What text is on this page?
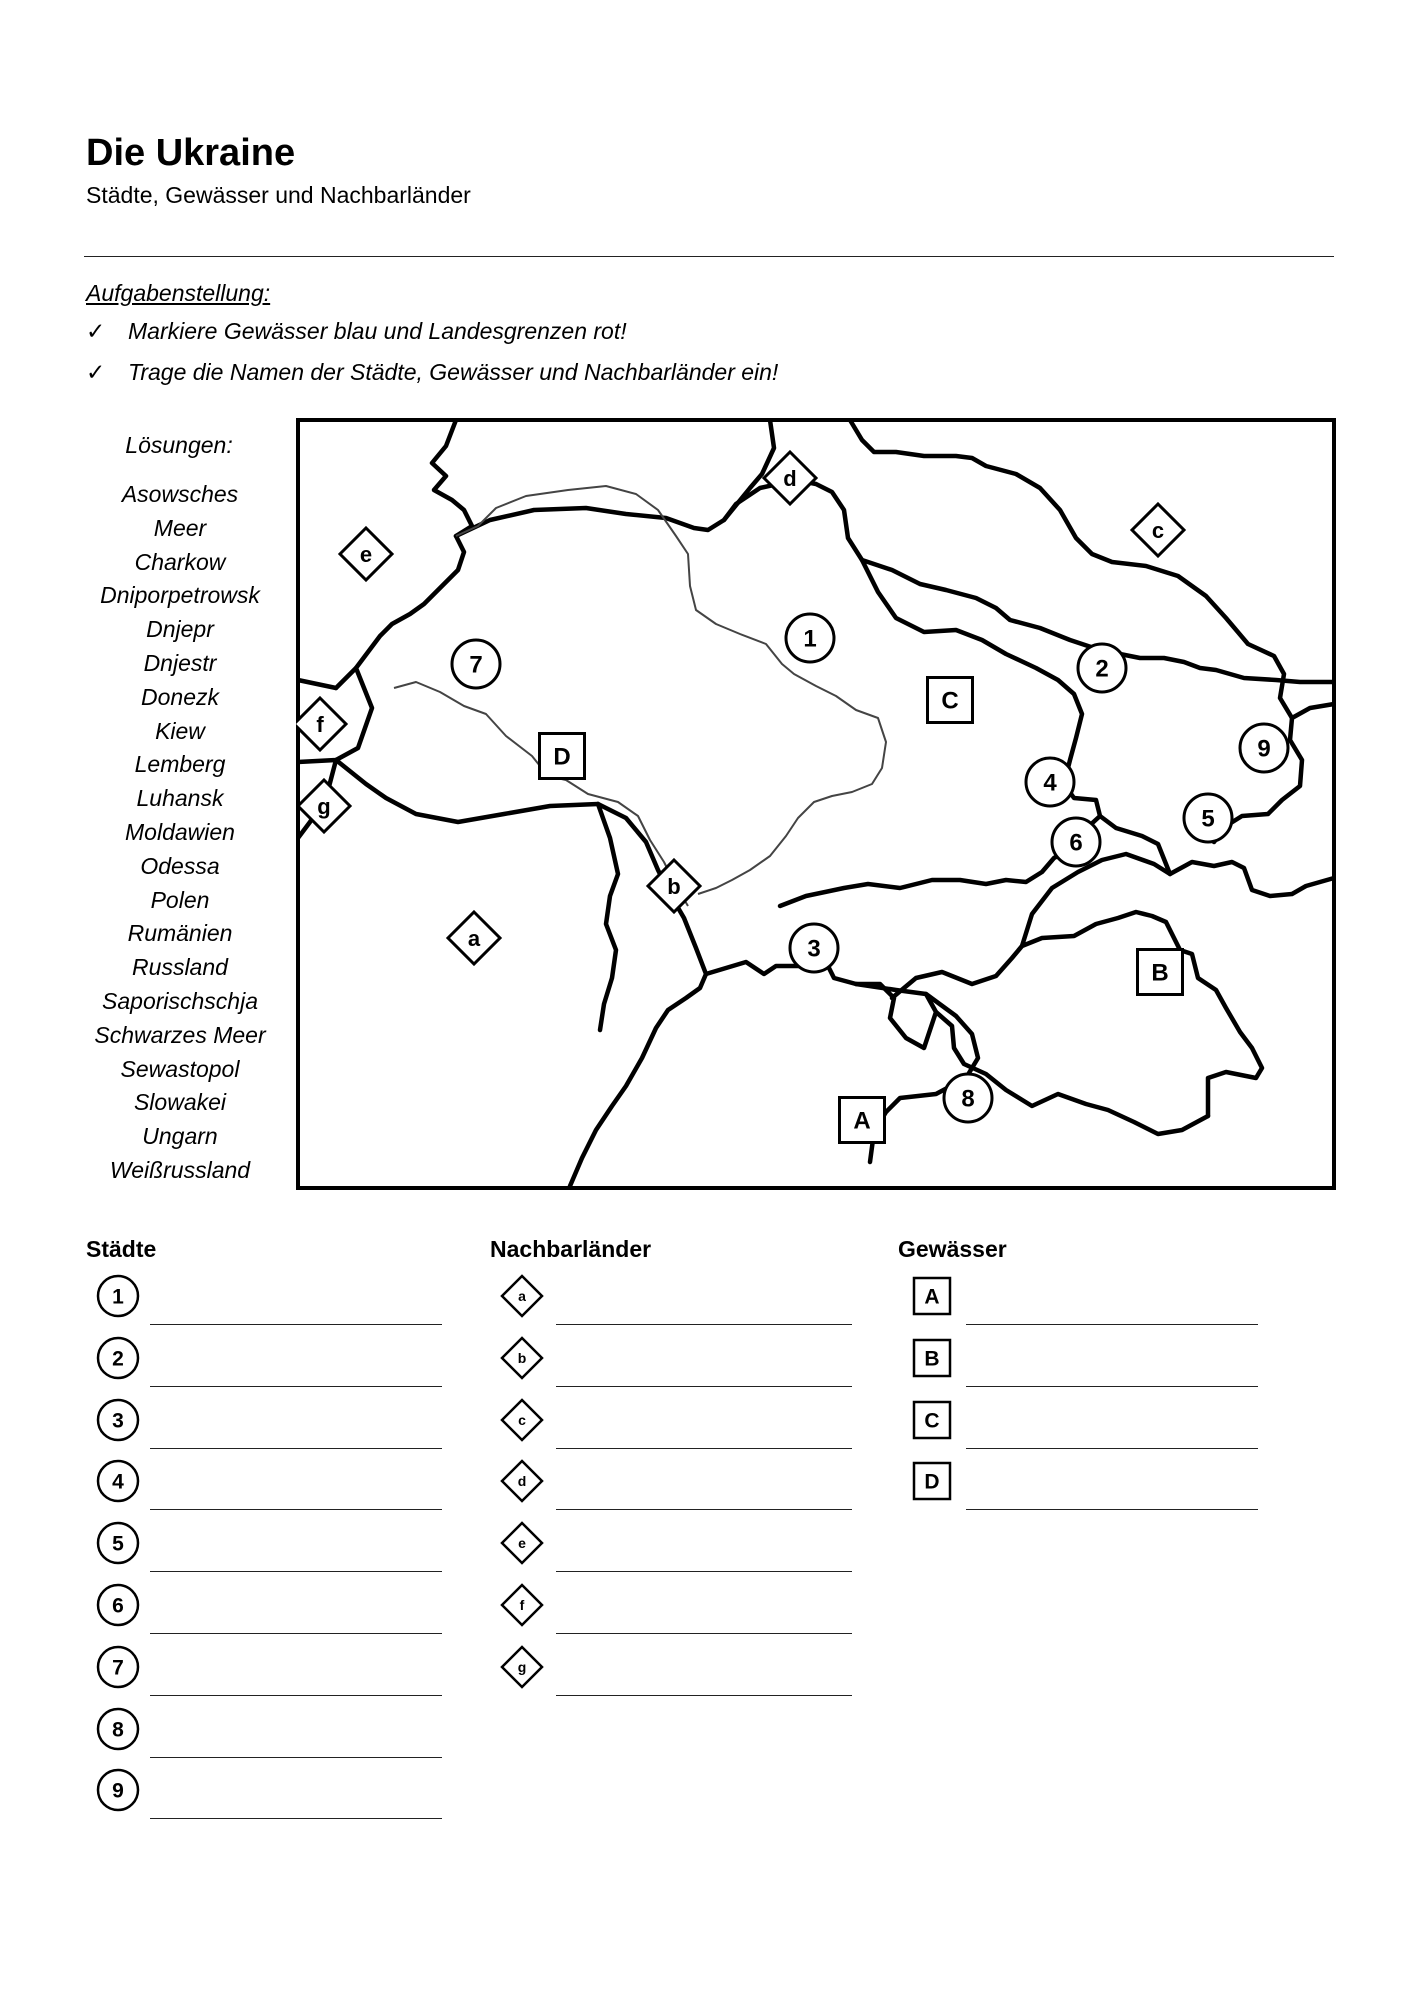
Die Ukraine
Städte, Gewässer und Nachbarländer
Aufgabenstellung:
✓ Markiere Gewässer blau und Landesgrenzen rot!
✓ Trage die Namen der Städte, Gewässer und Nachbarländer ein!
Lösungen:
Asowsches
Meer
Charkow
Dniporpetrowsk
Dnjepr
Dnjestr
Donezk
Kiew
Lemberg
Luhansk
Moldawien
Odessa
Polen
Rumänien
Russland
Saporischschja
Schwarzes Meer
Sewastopol
Slowakei
Ungarn
Weißrussland
1
2
3
4
5
6
7
8
9
a
b
c
d
e
f
g
A
B
C
D
Städte	Nachbarländer	Gewässer
1
2
3
4
5
6
7
8
9
a
b
c
d
e
f
g
A
B
C
D
